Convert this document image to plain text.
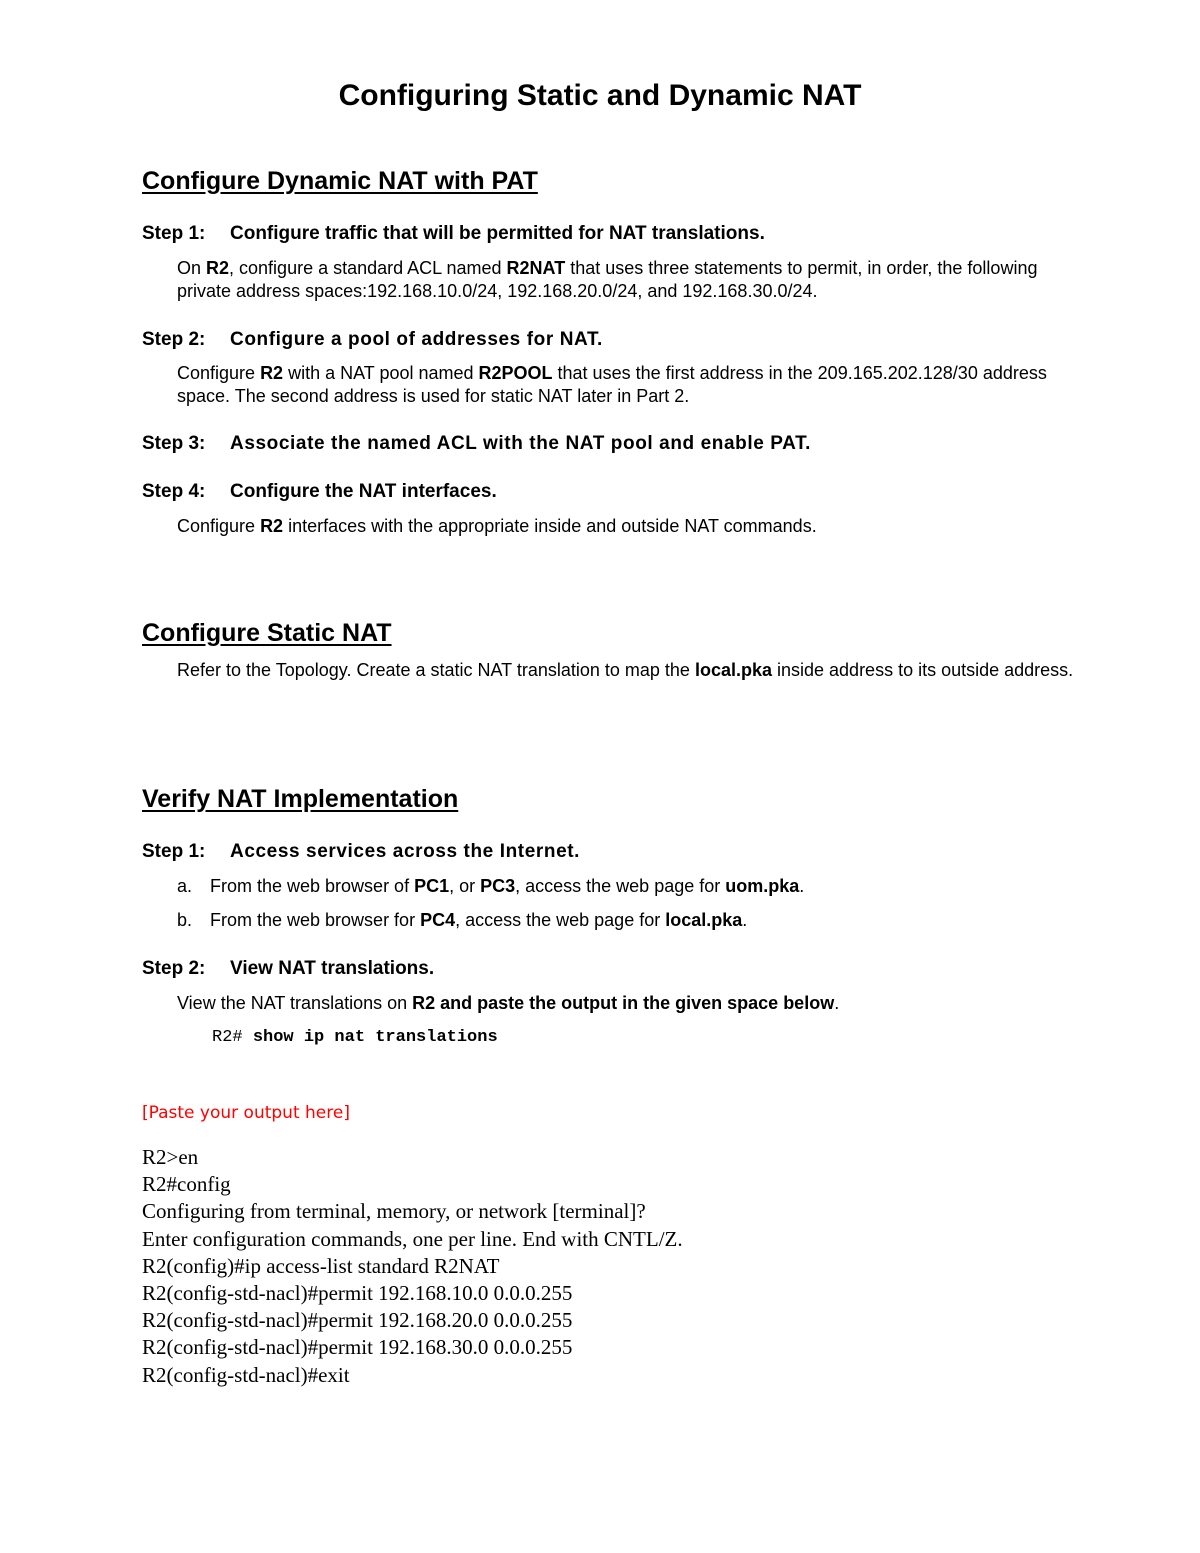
Configuring Static and Dynamic NAT
Configure Dynamic NAT with PAT
Step 1: Configure traffic that will be permitted for NAT translations.

On R2, configure a standard ACL named R2NAT that uses three statements to permit, in order, the following private address spaces:192.168.10.0/24, 192.168.20.0/24, and 192.168.30.0/24.

Step 2: Configure a pool of addresses for NAT.

Configure R2 with a NAT pool named R2POOL that uses the first address in the 209.165.202.128/30 address space. The second address is used for static NAT later in Part 2.

Step 3: Associate the named ACL with the NAT pool and enable PAT.
Step 4: Configure the NAT interfaces.

Configure R2 interfaces with the appropriate inside and outside NAT commands.

Configure Static NAT

Refer to the Topology. Create a static NAT translation to map the local.pka inside address to its outside address.

Verify NAT Implementation
Step 1: Access services across the Internet.

a. From the web browser of PC1, or PC3, access the web page for uom.pka.

b. From the web browser for PC4, access the web page for local.pka.

Step 2: View NAT translations.

View the NAT translations on R2 and paste the output in the given space below.

R2# show ip nat translations

[Paste your output here]

R2>en
R2#config
Configuring from terminal, memory, or network [terminal]?
Enter configuration commands, one per line. End with CNTL/Z.
R2(config)#ip access-list standard R2NAT
R2(config-std-nacl)#permit 192.168.10.0 0.0.0.255
R2(config-std-nacl)#permit 192.168.20.0 0.0.0.255
R2(config-std-nacl)#permit 192.168.30.0 0.0.0.255
R2(config-std-nacl)#exit
